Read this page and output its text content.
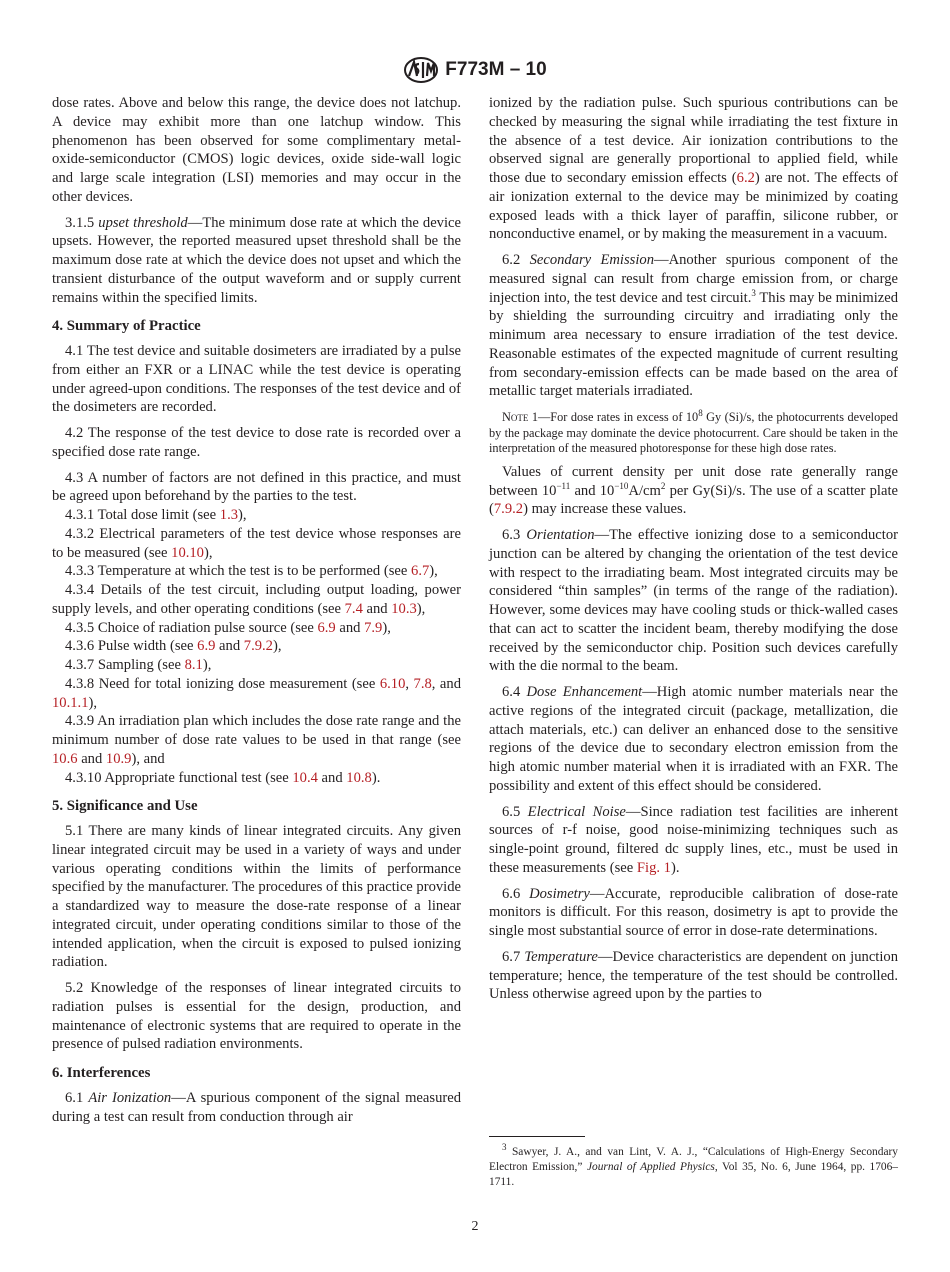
F773M – 10
dose rates. Above and below this range, the device does not latchup. A device may exhibit more than one latchup window. This phenomenon has been observed for some complimentary metal-oxide-semiconductor (CMOS) logic devices, oxide side-wall logic and large scale integration (LSI) memories and may occur in the other devices.
3.1.5 upset threshold—The minimum dose rate at which the device upsets. However, the reported measured upset threshold shall be the maximum dose rate at which the device does not upset and which the transient disturbance of the output waveform and or supply current remains within the specified limits.
4. Summary of Practice
4.1 The test device and suitable dosimeters are irradiated by a pulse from either an FXR or a LINAC while the test device is operating under agreed-upon conditions. The responses of the test device and of the dosimeters are recorded.
4.2 The response of the test device to dose rate is recorded over a specified dose rate range.
4.3 A number of factors are not defined in this practice, and must be agreed upon beforehand by the parties to the test.
4.3.1 Total dose limit (see 1.3),
4.3.2 Electrical parameters of the test device whose responses are to be measured (see 10.10),
4.3.3 Temperature at which the test is to be performed (see 6.7),
4.3.4 Details of the test circuit, including output loading, power supply levels, and other operating conditions (see 7.4 and 10.3),
4.3.5 Choice of radiation pulse source (see 6.9 and 7.9),
4.3.6 Pulse width (see 6.9 and 7.9.2),
4.3.7 Sampling (see 8.1),
4.3.8 Need for total ionizing dose measurement (see 6.10, 7.8, and 10.1.1),
4.3.9 An irradiation plan which includes the dose rate range and the minimum number of dose rate values to be used in that range (see 10.6 and 10.9), and
4.3.10 Appropriate functional test (see 10.4 and 10.8).
5. Significance and Use
5.1 There are many kinds of linear integrated circuits. Any given linear integrated circuit may be used in a variety of ways and under various operating conditions within the limits of performance specified by the manufacturer. The procedures of this practice provide a standardized way to measure the dose-rate response of a linear integrated circuit, under operating conditions similar to those of the intended application, when the circuit is exposed to pulsed ionizing radiation.
5.2 Knowledge of the responses of linear integrated circuits to radiation pulses is essential for the design, production, and maintenance of electronic systems that are required to operate in the presence of pulsed radiation environments.
6. Interferences
6.1 Air Ionization—A spurious component of the signal measured during a test can result from conduction through air
ionized by the radiation pulse. Such spurious contributions can be checked by measuring the signal while irradiating the test fixture in the absence of a test device. Air ionization contributions to the observed signal are generally proportional to applied field, while those due to secondary emission effects (6.2) are not. The effects of air ionization external to the device may be minimized by coating exposed leads with a thick layer of paraffin, silicone rubber, or nonconductive enamel, or by making the measurement in a vacuum.
6.2 Secondary Emission—Another spurious component of the measured signal can result from charge emission from, or charge injection into, the test device and test circuit.$^3$ This may be minimized by shielding the surrounding circuitry and irradiating only the minimum area necessary to ensure irradiation of the test device. Reasonable estimates of the expected magnitude of current resulting from secondary-emission effects can be made based on the area of metallic target materials irradiated.
Note 1—For dose rates in excess of $10^8$ Gy (Si)/s, the photocurrents developed by the package may dominate the device photocurrent. Care should be taken in the interpretation of the measured photoresponse for these high dose rates.
Values of current density per unit dose rate generally range between $10^{-11}$ and $10^{-10}A/cm^2$ per Gy(Si)/s. The use of a scatter plate (7.9.2) may increase these values.
6.3 Orientation—The effective ionizing dose to a semiconductor junction can be altered by changing the orientation of the test device with respect to the irradiating beam. Most integrated circuits may be considered “thin samples” (in terms of the range of the radiation). However, some devices may have cooling studs or thick-walled cases that can act to scatter the incident beam, thereby modifying the dose received by the semiconductor chip. Position such devices carefully with the die normal to the beam.
6.4 Dose Enhancement—High atomic number materials near the active regions of the integrated circuit (package, metallization, die attach materials, etc.) can deliver an enhanced dose to the sensitive regions of the device due to secondary electron emission from the high atomic number material when it is irradiated with an FXR. The possibility and extent of this effect should be considered.
6.5 Electrical Noise—Since radiation test facilities are inherent sources of r-f noise, good noise-minimizing techniques such as single-point ground, filtered dc supply lines, etc., must be used in these measurements (see Fig. 1).
6.6 Dosimetry—Accurate, reproducible calibration of dose-rate monitors is difficult. For this reason, dosimetry is apt to provide the single most substantial source of error in dose-rate determinations.
6.7 Temperature—Device characteristics are dependent on junction temperature; hence, the temperature of the test should be controlled. Unless otherwise agreed upon by the parties to
$^3$ Sawyer, J. A., and van Lint, V. A. J., “Calculations of High-Energy Secondary Electron Emission,” Journal of Applied Physics, Vol 35, No. 6, June 1964, pp. 1706–1711.
2
